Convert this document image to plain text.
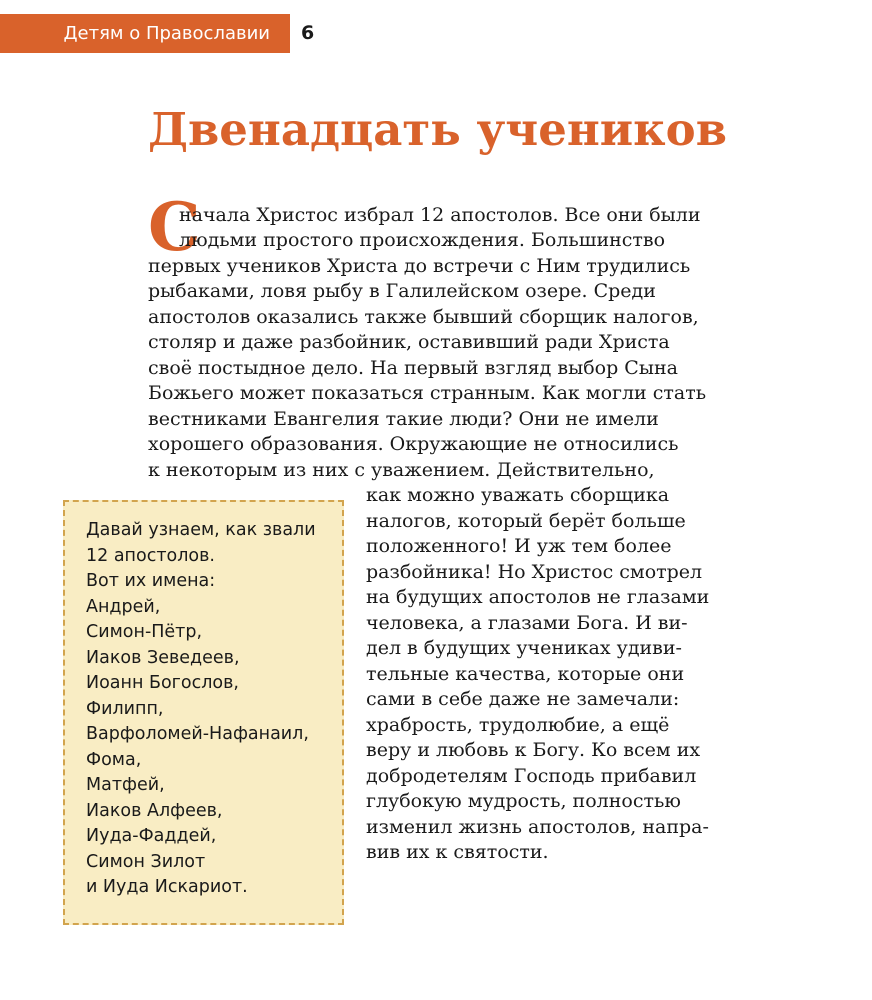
Детям о Православии	6
Двенадцать учеников
С
начала Христос избрал 12 апостолов. Все они были
людьми простого происхождения. Большинство
первых учеников Христа до встречи с Ним трудились
рыбаками, ловя рыбу в Галилейском озере. Среди
апостолов оказались также бывший сборщик налогов,
столяр и даже разбойник, оставивший ради Христа
своё постыдное дело. На первый взгляд выбор Сына
Божьего может показаться странным. Как могли стать
вестниками Евангелия такие люди? Они не имели
хорошего образования. Окружающие не относились
к некоторым из них с уважением. Действительно,
как можно уважать сборщика
налогов, который берёт больше
положенного! И уж тем более
разбойника! Но Христос смотрел
на будущих апостолов не глазами
человека, а глазами Бога. И ви-
дел в будущих учениках удиви-
тельные качества, которые они
сами в себе даже не замечали:
храбрость, трудолюбие, а ещё
веру и любовь к Богу. Ко всем их
добродетелям Господь прибавил
глубокую мудрость, полностью
изменил жизнь апостолов, напра-
вив их к святости.
Давай узнаем, как звали
12 апостолов.
Вот их имена:
Андрей,
Симон-Пётр,
Иаков Зеведеев,
Иоанн Богослов,
Филипп,
Варфоломей-Нафанаил,
Фома,
Матфей,
Иаков Алфеев,
Иуда-Фаддей,
Симон Зилот
и Иуда Искариот.
